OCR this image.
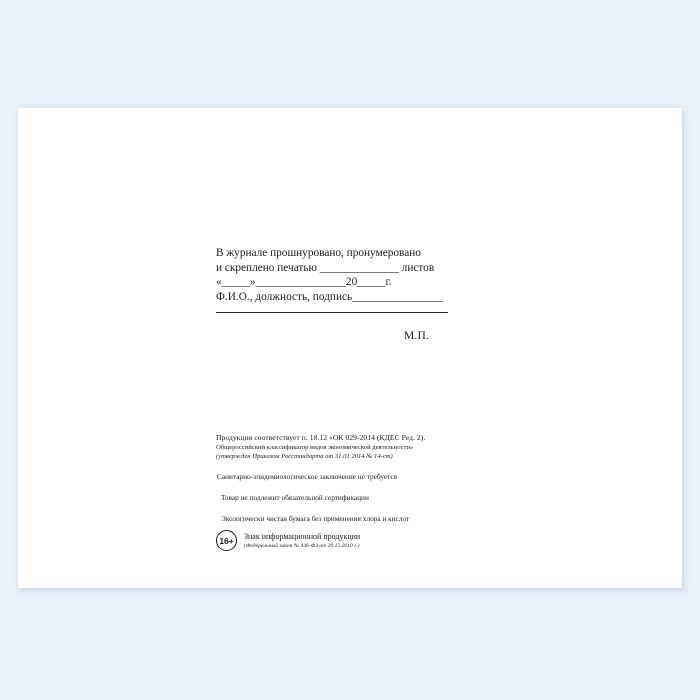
В журнале прошнуровано, пронумеровано
и скреплено печатью ______________ листов
«_____»________________20_____г.
Ф.И.О., должность, подпись________________
М.П.
Продукция соответствует п. 18.12 «ОК 029-2014 (КДЕС Ред. 2).
Общероссийский классификатор видов экономической деятельности»
(утвержден Приказом Росстандарта от 31.01 2014 № 14-ст)
Санитарно-эпидемиологическое заключение не требуется
Товар не подлежит обязательной сертификации
Экологически чистая бумага без применения хлора и кислот
16+	Знак информационной продукции
(Федеральный закон № 436-ФЗ от 29.12.2010 г.)
